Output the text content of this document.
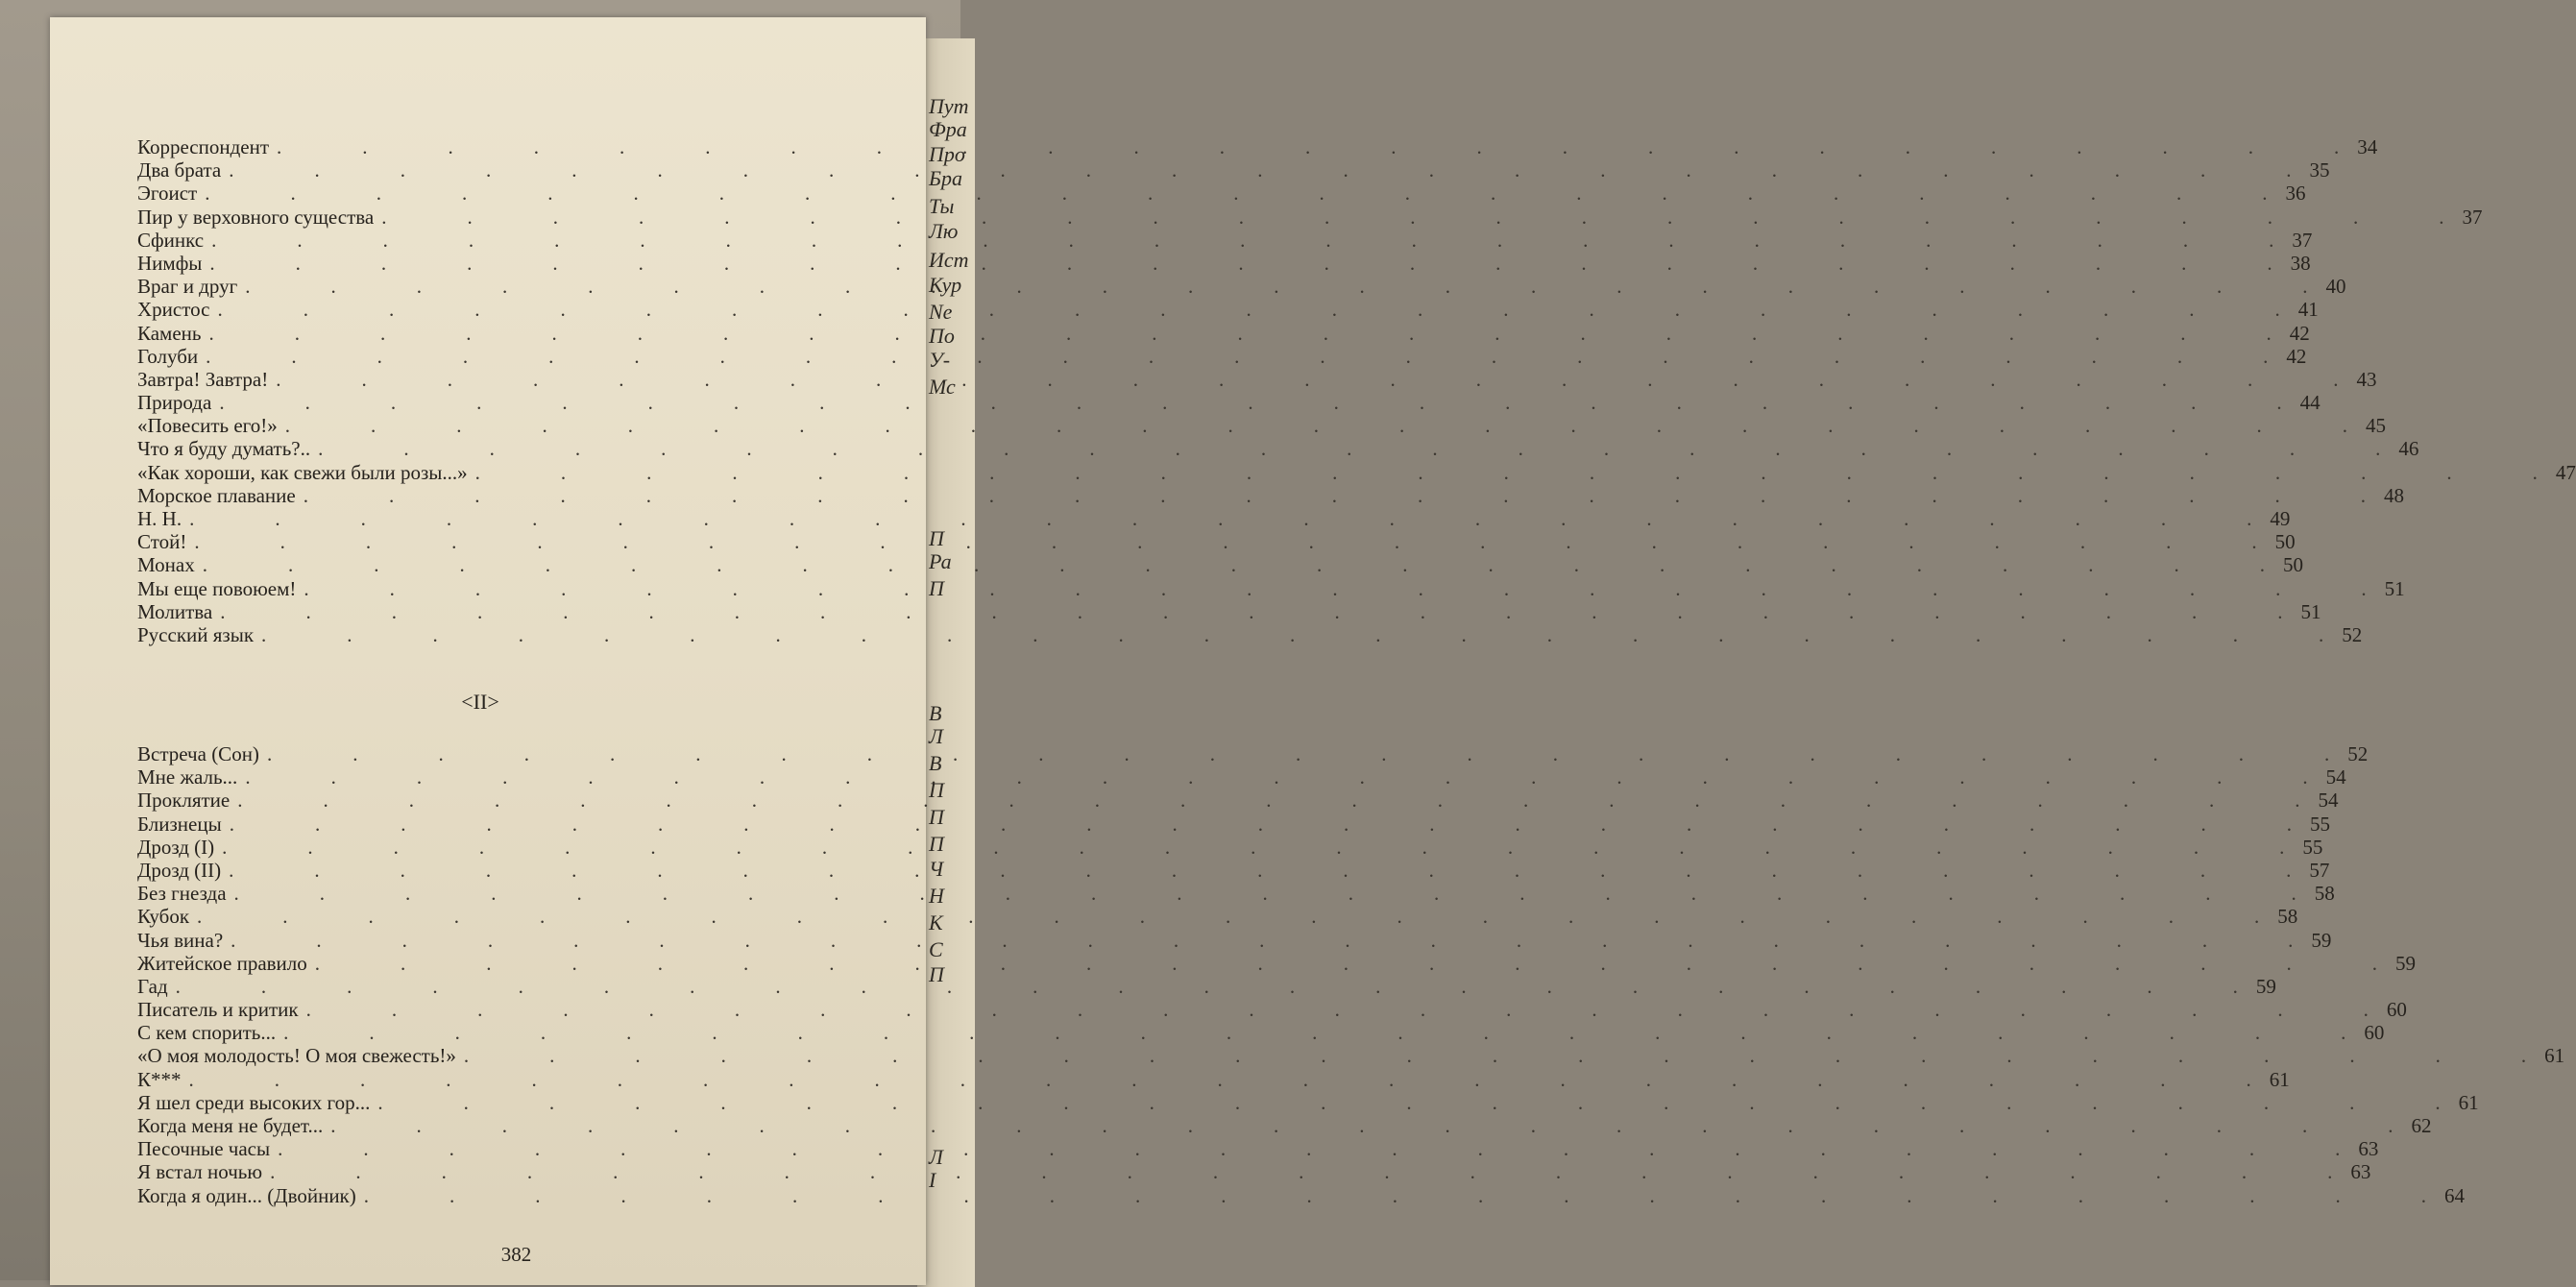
Пут
Фра
Про
Бра
Ты
Лю
Ист
Кур
Ne
По
У-
Мс
П
Ра
П
В
Л
В
П
П
П
Ч
Н
К
С
П
Л
І
Корреспондент .	34
Два брата .	35
Эгоист .	36
Пир у верховного существа .	37
Сфинкс .	37
Нимфы .	38
Враг и друг .	40
Христос .	41
Камень .	42
Голуби .	42
Завтра! Завтра! .	43
Природа .	44
«Повесить его!» .	45
Что я буду думать?.. .	46
«Как хороши, как свежи были розы...» .	47
Морское плавание .	48
Н. Н. .	49
Стой! .	50
Монах .	50
Мы еще повоюем! .	51
Молитва .	51
Русский язык .	52
<II>
Встреча (Сон) .	52
Мне жаль... .	54
Проклятие .	54
Близнецы .	55
Дрозд (I) .	55
Дрозд (II) .	57
Без гнезда .	58
Кубок .	58
Чья вина? .	59
Житейское правило .	59
Гад .	59
Писатель и критик .	60
С кем спорить... .	60
«О моя молодость! О моя свежесть!» .	61
К*** .	61
Я шел среди высоких гор... .	61
Когда меня не будет... .	62
Песочные часы .	63
Я встал ночью .	63
Когда я один... (Двойник) .	64
382
